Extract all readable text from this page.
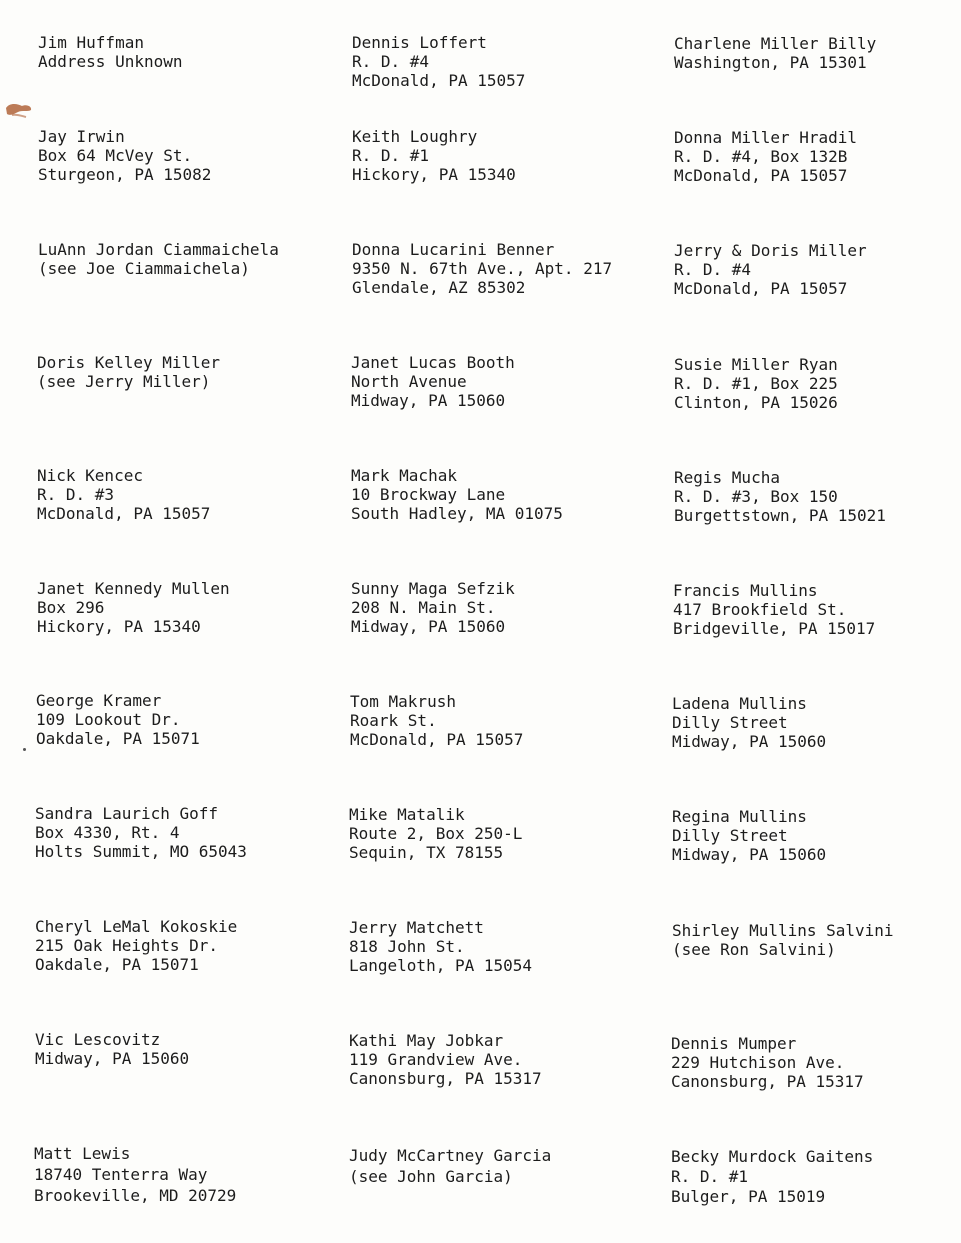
Jim Huffman
Address Unknown
Jay Irwin
Box 64 McVey St.
Sturgeon, PA 15082
LuAnn Jordan Ciammaichela
(see Joe Ciammaichela)
Doris Kelley Miller
(see Jerry Miller)
Nick Kencec
R. D. #3
McDonald, PA 15057
Janet Kennedy Mullen
Box 296
Hickory, PA 15340
George Kramer
109 Lookout Dr.
Oakdale, PA 15071
Sandra Laurich Goff
Box 4330, Rt. 4
Holts Summit, MO 65043
Cheryl LeMal Kokoskie
215 Oak Heights Dr.
Oakdale, PA 15071
Vic Lescovitz
Midway, PA 15060
Matt Lewis
18740 Tenterra Way
Brookeville, MD 20729
Dennis Loffert
R. D. #4
McDonald, PA 15057
Keith Loughry
R. D. #1
Hickory, PA 15340
Donna Lucarini Benner
9350 N. 67th Ave., Apt. 217
Glendale, AZ 85302
Janet Lucas Booth
North Avenue
Midway, PA 15060
Mark Machak
10 Brockway Lane
South Hadley, MA 01075
Sunny Maga Sefzik
208 N. Main St.
Midway, PA 15060
Tom Makrush
Roark St.
McDonald, PA 15057
Mike Matalik
Route 2, Box 250-L
Sequin, TX 78155
Jerry Matchett
818 John St.
Langeloth, PA 15054
Kathi May Jobkar
119 Grandview Ave.
Canonsburg, PA 15317
Judy McCartney Garcia
(see John Garcia)
Charlene Miller Billy
Washington, PA 15301
Donna Miller Hradil
R. D. #4, Box 132B
McDonald, PA 15057
Jerry & Doris Miller
R. D. #4
McDonald, PA 15057
Susie Miller Ryan
R. D. #1, Box 225
Clinton, PA 15026
Regis Mucha
R. D. #3, Box 150
Burgettstown, PA 15021
Francis Mullins
417 Brookfield St.
Bridgeville, PA 15017
Ladena Mullins
Dilly Street
Midway, PA 15060
Regina Mullins
Dilly Street
Midway, PA 15060
Shirley Mullins Salvini
(see Ron Salvini)
Dennis Mumper
229 Hutchison Ave.
Canonsburg, PA 15317
Becky Murdock Gaitens
R. D. #1
Bulger, PA 15019
